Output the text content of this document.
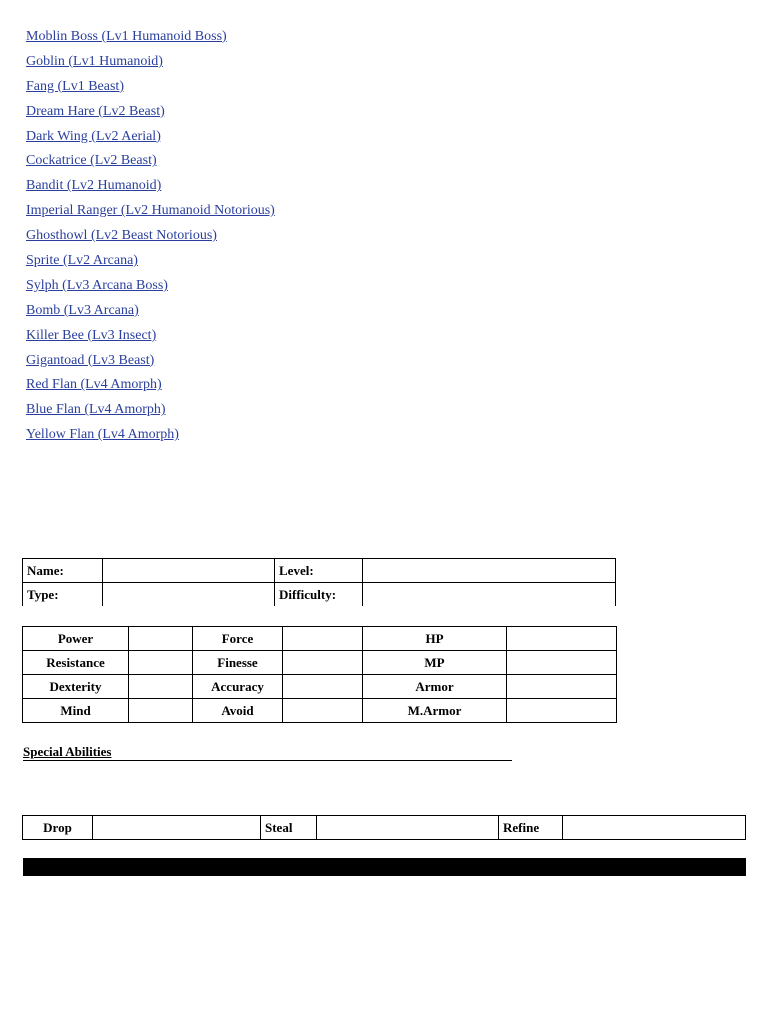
Moblin Boss (Lv1 Humanoid Boss)
Goblin (Lv1 Humanoid)
Fang (Lv1 Beast)
Dream Hare (Lv2 Beast)
Dark Wing (Lv2 Aerial)
Cockatrice (Lv2 Beast)
Bandit (Lv2 Humanoid)
Imperial Ranger (Lv2 Humanoid Notorious)
Ghosthowl (Lv2 Beast Notorious)
Sprite (Lv2 Arcana)
Sylph (Lv3 Arcana Boss)
Bomb (Lv3 Arcana)
Killer Bee (Lv3 Insect)
Gigantoad (Lv3 Beast)
Red Flan (Lv4 Amorph)
Blue Flan (Lv4 Amorph)
Yellow Flan (Lv4 Amorph)
Name:		Level:	
Type:		Difficulty:	
Power		Force		HP	
Resistance		Finesse		MP	
Dexterity		Accuracy		Armor	
Mind		Avoid		M.Armor	
Special Abilities
Drop		Steal		Refine	
